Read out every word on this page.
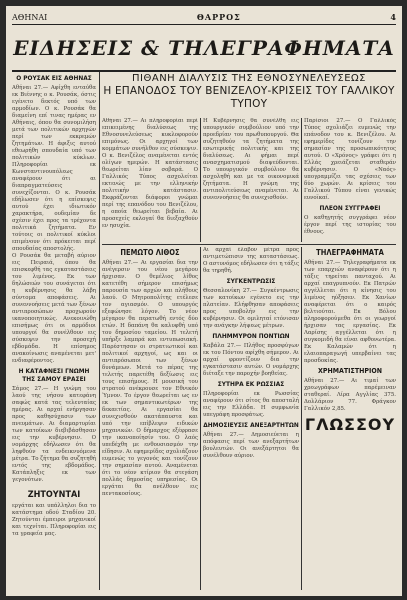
ΑΘΗΝΑΙ	ΘΑΡΡΟΣ	4
ΕΙΔΗΣΕΙΣ & ΤΗΛΕΓΡΑΦΗΜΑΤΑ
Ο ΡΟΥΣΑΚ ΕΙΣ ΑΘΗΝΑΣ

Αθήναι 27.— Αφίχθη ενταύθα εκ Βιέννης ο κ. Ρουσάκ, όστις εγένετο δεκτός υπό των αρμοδίων. Ο κ. Ρουσάκ θα διαμείνη επί τινας ημέρας εν Αθήναις, όπου θα συνομιλήση μετά των πολιτικών αρχηγών περί των εκκρεμών ζητημάτων. Η άφιξις αυτού εθεωρήθη σπουδαία υπό των πολιτικών κύκλων. Πληροφορίαι εκ Κωνσταντινουπόλεως αναφέρουν ότι αι διαπραγματεύσεις συνεχίζονται. Ο κ. Ρουσάκ εδήλωσεν ότι η επίσκεψις αυτού έχει ιδιωτικόν χαρακτήρα, ουδεμίαν δε σχέσιν έχει προς τα τρέχοντα πολιτικά ζητήματα. Εν τούτοις οι πολιτικοί κύκλοι επιμένουν ότι πρόκειται περί σπουδαίας αποστολής.

Ο Ρουσάκ θα μεταβή αύριον εις Πειραιά, όπου θα επισκεφθή τας εγκαταστάσεις του λιμένος. Εκ των δηλώσεών του συνάγεται ότι η κυβέρνησις θα λάβη σύντομα αποφάσεις. Αι συνεννοήσεις μετά των ξένων αντιπροσώπων προχωρούν ικανοποιητικώς. Ανεκοινώθη επισήμως ότι οι αρμόδιοι υπουργοί θα συνέλθουν εις σύσκεψιν την προσεχή εβδομάδα. Η επίσημος ανακοίνωσις αναμένεται μετ' ενδιαφέροντος.

Η ΚΑΤΑΦΝΕΣΙ ΓΝΩΜΗ ΤΗΣ ΣΑΜΟΥ ΕΡΑΣΕΙ

Σάμος 27.— Η γνώμη του λαού της νήσου κατεφάνη σαφώς κατά τας τελευταίας ημέρας. Αι αρχαί ενήργησαν προς καθησύχασιν των πνευμάτων. Αι διαμαρτυρίαι των κατοίκων διεβιβάσθησαν εις την κυβέρνησιν. Ο νομάρχης εδήλωσεν ότι θα ληφθούν τα ενδεικνυόμενα μέτρα. Το ζήτημα θα συζητηθή εντός της εβδομάδος. Κατάπληξις εκ των γεγονότων.

ΖΗΤΟΥΝΤΑΙ

εργάται και υπάλληλοι δια το κατάστημα οδού Σταδίου 20. Ζητούνται έμπειροι μηχανικοί και τεχνίται. Πληροφορίαι εις τα γραφεία μας.

ΠΙΘΑΝΗ ΔΙΑΛΥΣΙΣ ΤΗΣ ΕΘΝΟΣΥΝΕΛΕΥΣΕΩΣ
Η ΕΠΑΝΟΔΟΣ ΤΟΥ ΒΕΝΙΖΕΛΟΥ-ΚΡΙΣΕΙΣ ΤΟΥ ΓΑΛΛΙΚΟΥ ΤΥΠΟΥ

Αθήναι 27.— Αι πληροφορίαι περί επικειμένης διαλύσεως της Εθνοσυνελεύσεως κυκλοφορούν επιμόνως. Οι αρχηγοί των κομμάτων συνήλθον εις σύσκεψιν. Ο κ. Βενιζέλος αναμένεται εντός ολίγων ημερών. Η κατάστασις θεωρείται λίαν σοβαρά. Ο Γαλλικός Τύπος ασχολείται εκτενώς με την ελληνικήν πολιτικήν κατάστασιν. Εκφράζονται διάφοροι γνώμαι περί της επανόδου του Βενιζέλου, η οποία θεωρείται βεβαία. Αι προσεχείς εκλογαί θα διεξαχθούν εν ησυχία.

Η Κυβέρνησις θα συνέλθη εις υπουργικόν συμβούλιον υπό την προεδρίαν του πρωθυπουργού. Θα συζητηθούν τα ζητήματα της εσωτερικής πολιτικής και της διαλύσεως. Αι φήμαι περί ανασχηματισμού διαψεύδονται. Το υπουργικόν συμβούλιον θα ασχοληθή και με τα οικονομικά ζητήματα. Η γνώμη της αντιπολιτεύσεως αναμένεται. Αι συνεννοήσεις θα συνεχισθούν.

Παρίσιοι 27.— Ο Γαλλικός Τύπος σχολιάζει ευμενώς την επάνοδον του κ. Βενιζέλου. Αι εφημερίδες τονίζουν την σημασίαν της προσωπικότητος αυτού. Ο «Χρόνος» γράφει ότι η Ελλάς χρειάζεται σταθεράν κυβέρνησιν. Ο «Ναός» υπογραμμίζει τας σχέσεις των δύο χωρών. Αι κρίσεις του Γαλλικού Τύπου είναι γενικώς ευνοϊκαί.

ΠΛΕΟΝ ΣΥΓΓΡΑΦΕΙ

Ο καθηγητής συγγράφει νέον έργον περί της ιστορίας του έθνους.

ΠΕΜΩΤΟ ΛΙΘΟΣ

Αθήναι 27.— Αι εργασίαι δια την ανέγερσιν του νέου μεγάρου ήρχισαν. Ο θεμέλιος λίθος κατετέθη σήμερον επισήμως παρουσία των αρχών και πλήθους λαού. Ο Μητροπολίτης ετέλεσε τον αγιασμόν. Ο υπουργός εξεφώνησε λόγον. Το νέον μέγαρον θα περατωθή εντός δύο ετών. Η δαπάνη θα καλυφθή υπό του δημοσίου ταμείου. Η τελετή υπήρξε λαμπρά και εντυπωσιακή. Παρέστησαν οι στρατιωτικοί και πολιτικοί αρχηγοί, ως και οι αντιπρόσωποι των ξένων δυνάμεων. Μετά το πέρας της τελετής παρετέθη δεξίωσις εις τους επισήμους. Η μουσική του στρατού ανέκρουσε τον Εθνικόν Ύμνον. Το έργον θεωρείται ως εν εκ των σημαντικωτέρων της δεκαετίας. Αι εργασίαι θα συνεχισθούν ακατάπαυστα και υπό την επίβλεψιν ειδικών μηχανικών. Ο δήμαρχος εξέφρασε την ικανοποίησίν του. Ο λαός υπεδέχθη με ενθουσιασμόν την είδησιν. Αι εφημερίδες σχολιάζουν ευμενώς το γεγονός και τονίζουν την σημασίαν αυτού. Αναμένεται ότι το νέον κτίριον θα στεγάση πολλάς δημοσίας υπηρεσίας. Οι εργάται θα ανέλθουν εις πεντακοσίους.

Αι αρχαί έλαβον μέτρα προς αντιμετώπισιν της καταστάσεως. Ο αστυνόμος εδήλωσεν ότι η τάξις θα τηρηθή.

ΣΥΓΚΕΝΤΡΩΣΙΣ

Θεσσαλονίκη 27.— Συγκέντρωσις των κατοίκων εγένετο εις την πλατείαν. Ελήφθησαν αποφάσεις προς υποβολήν εις την κυβέρνησιν. Οι ομιληταί ετόνισαν την ανάγκην λήψεως μέτρων.

ΠΛΗΜΜΥΡΟΝ ΠΟΝΤΙΩΝ

Καβάλα 27.— Πλήθος προσφύγων εκ του Πόντου αφίχθη σήμερον. Αι αρχαί φροντίζουν δια την εγκατάστασιν αυτών. Ο νομάρχης διέταξε την παροχήν βοηθείας.

ΣΥΤΗΡΑ ΕΚ ΡΩΣΣΙΑΣ

Πληροφορίαι εκ Ρωσσίας αναφέρουν ότι σίτος θα αποσταλή εις την Ελλάδα. Η συμφωνία υπεγράφη προσφάτως.

ΔΗΜΟΣΙΕΥΣΙΣ ΑΝΕΞΑΡΤΗΤΩΝ

Αθήναι 27.— Δημοσιεύεται η απόφασις περί των ανεξαρτήτων βουλευτών. Οι ανεξάρτητοι θα συνέλθουν αύριον.

ΤΗΛΕΓΡΑΦΗΜΑΤΑ

Αθήναι 27.— Τηλεγραφήματα εκ των επαρχιών αναφέρουν ότι η τάξις τηρείται πανταχού. Αι αρχαί επαγρυπνούν. Εκ Πατρών αγγέλλεται ότι η κίνησις του λιμένος ηύξησεν. Εκ Χανίων αναφέρεται ότι ο καιρός βελτιούται. Εκ Βόλου πληροφορούμεθα ότι οι γεωργοί ήρχισαν τας εργασίας. Εκ Λαρίσης αγγέλλεται ότι η συγκομιδή θα είναι αφθονωτέρα. Εκ Καλαμών ότι η ελαιοπαραγωγή υπερβαίνει τας προσδοκίας.

ΧΡΗΜΑΤΙΣΤΗΡΙΟΝ

Αθήναι 27.— Αι τιμαί των χρεωγράφων παρέμειναν σταθεραί. Λίρα Αγγλίας 375. Δολλάριον 77. Φράγκον Γαλλικόν 2,85.

ΓΛΩΣΣΟΥ
